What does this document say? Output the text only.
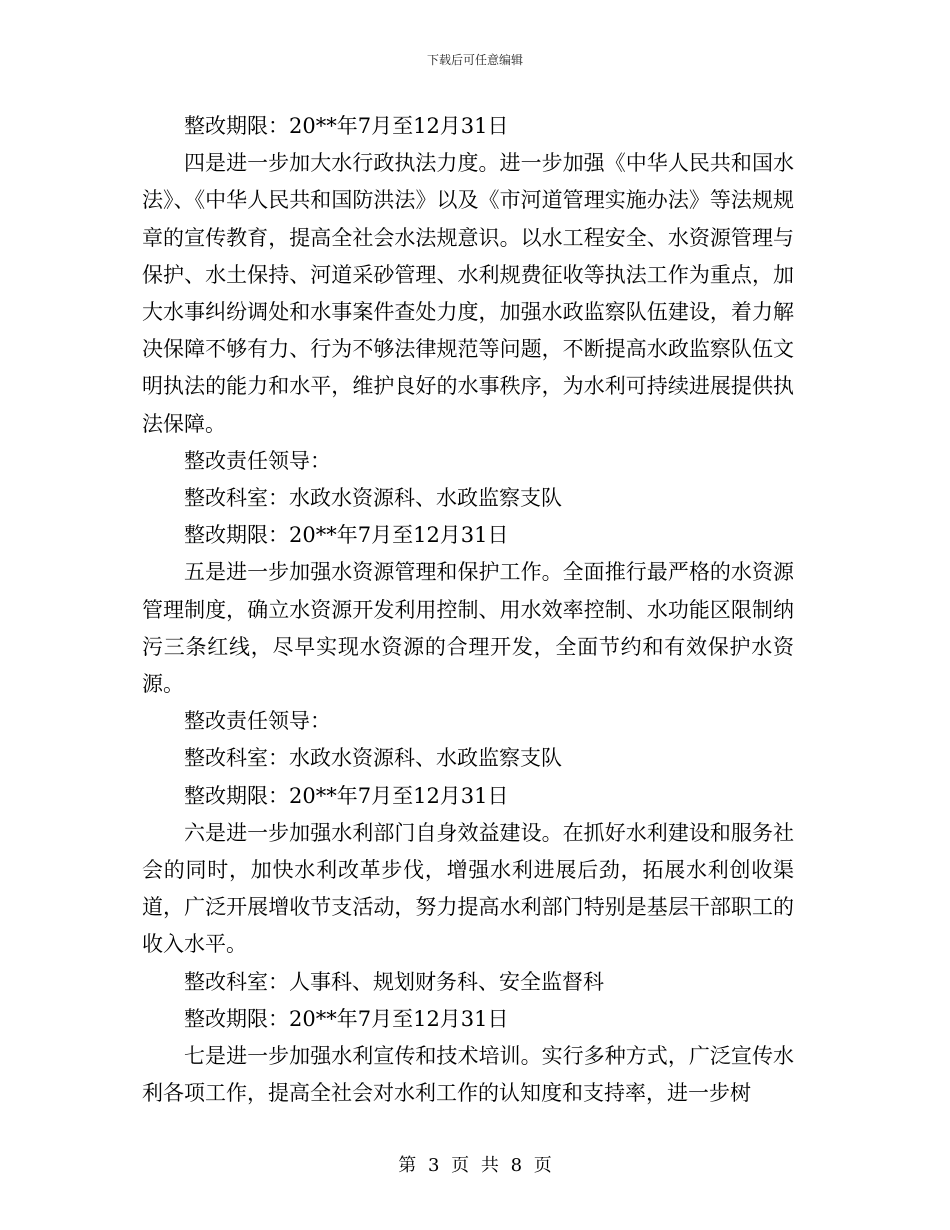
下载后可任意编辑

整改期限：20**年7月至12月31日

四是进一步加大水行政执法力度。进一步加强《中华人民共和国水法》、《中华人民共和国防洪法》以及《市河道管理实施办法》等法规规章的宣传教育，提高全社会水法规意识。以水工程安全、水资源管理与保护、水土保持、河道采砂管理、水利规费征收等执法工作为重点，加大水事纠纷调处和水事案件查处力度，加强水政监察队伍建设，着力解决保障不够有力、行为不够法律规范等问题，不断提高水政监察队伍文明执法的能力和水平，维护良好的水事秩序，为水利可持续进展提供执法保障。

整改责任领导：

整改科室：水政水资源科、水政监察支队

整改期限：20**年7月至12月31日

五是进一步加强水资源管理和保护工作。全面推行最严格的水资源管理制度，确立水资源开发利用控制、用水效率控制、水功能区限制纳污三条红线，尽早实现水资源的合理开发，全面节约和有效保护水资源。

整改责任领导：

整改科室：水政水资源科、水政监察支队

整改期限：20**年7月至12月31日

六是进一步加强水利部门自身效益建设。在抓好水利建设和服务社会的同时，加快水利改革步伐，增强水利进展后劲，拓展水利创收渠道，广泛开展增收节支活动，努力提高水利部门特别是基层干部职工的收入水平。

整改科室：人事科、规划财务科、安全监督科

整改期限：20**年7月至12月31日

七是进一步加强水利宣传和技术培训。实行多种方式，广泛宣传水利各项工作，提高全社会对水利工作的认知度和支持率，进一步树

第 3 页 共 8 页
